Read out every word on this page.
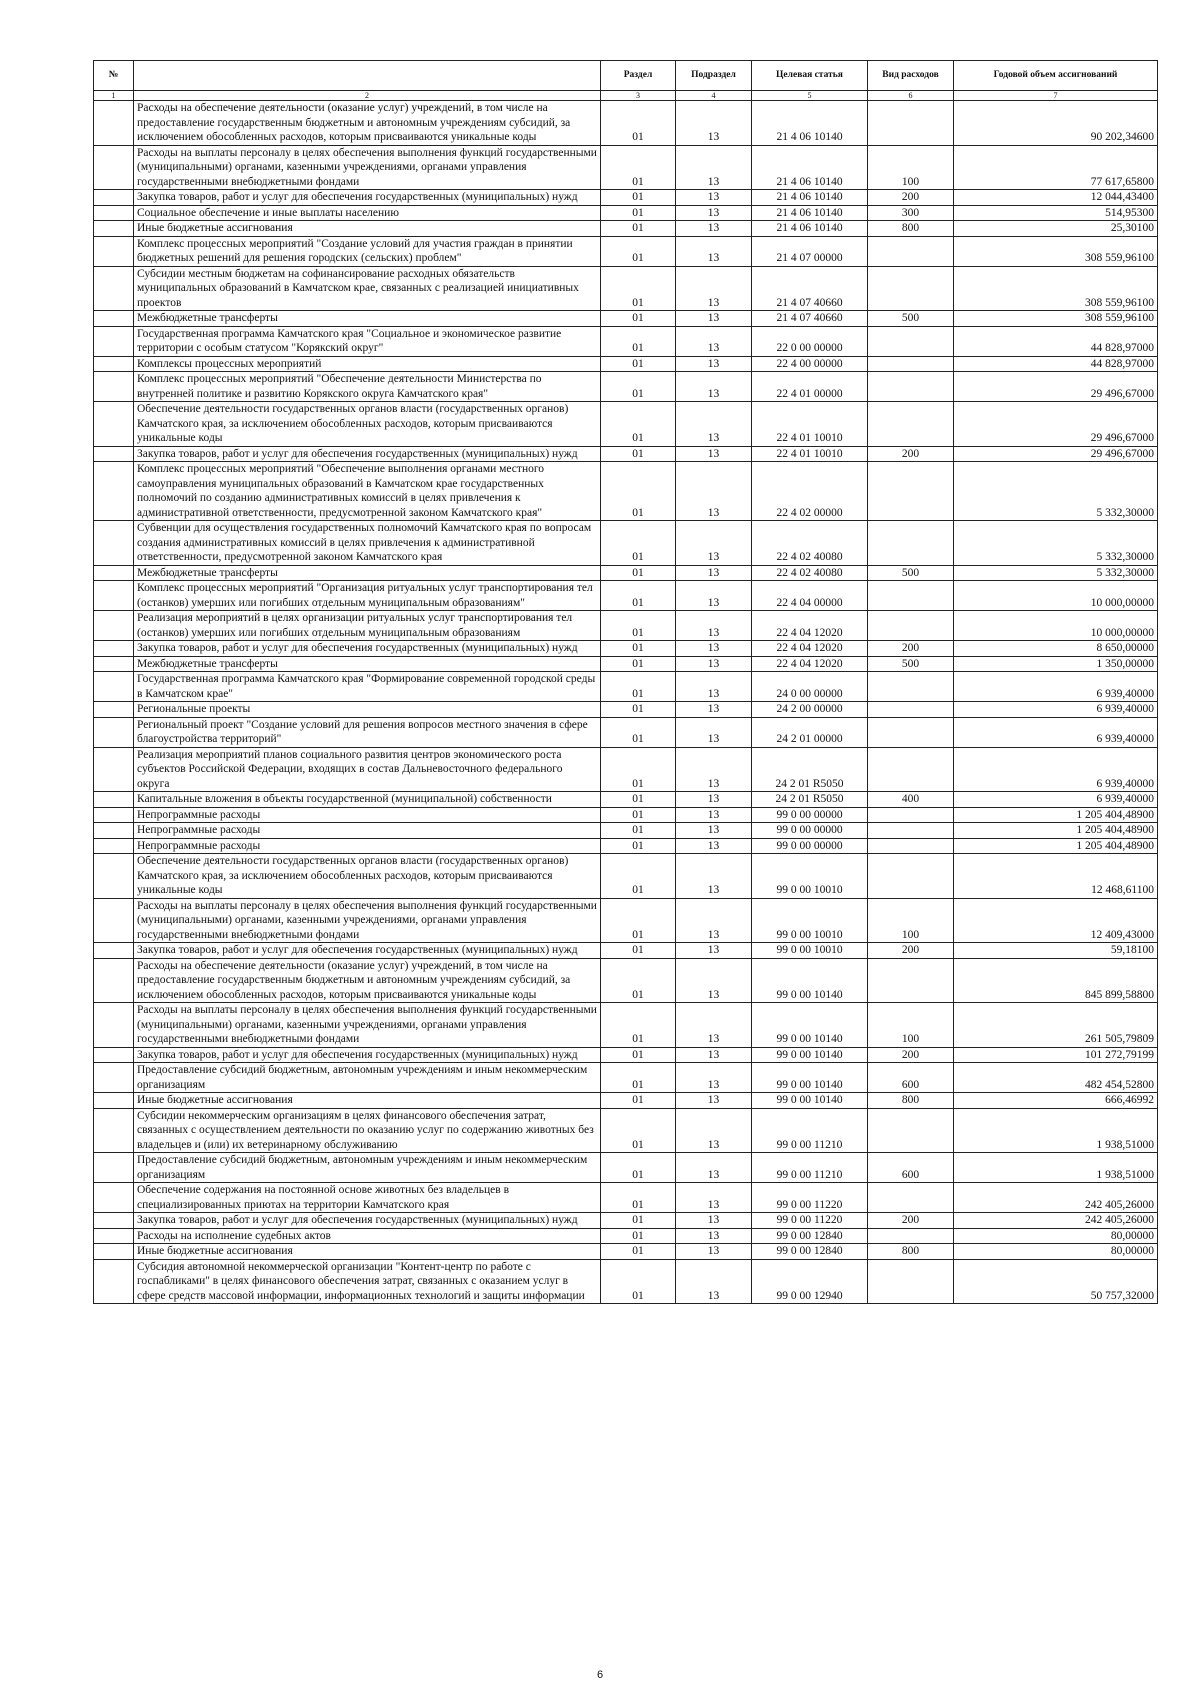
№		Раздел	Подраздел	Целевая статья	Вид расходов	Годовой объем ассигнований
1	2	3	4	5	6	7
	Расходы на обеспечение деятельности (оказание услуг) учреждений, в том числе на предоставление государственным бюджетным и автономным учреждениям субсидий, за исключением обособленных расходов, которым присваиваются уникальные коды	01	13	21 4 06 10140		90 202,34600
	Расходы на выплаты персоналу в целях обеспечения выполнения функций государственными (муниципальными) органами, казенными учреждениями, органами управления государственными внебюджетными фондами	01	13	21 4 06 10140	100	77 617,65800
	Закупка товаров, работ и услуг для обеспечения государственных (муниципальных) нужд	01	13	21 4 06 10140	200	12 044,43400
	Социальное обеспечение и иные выплаты населению	01	13	21 4 06 10140	300	514,95300
	Иные бюджетные ассигнования	01	13	21 4 06 10140	800	25,30100
	Комплекс процессных мероприятий "Создание условий для участия граждан в принятии бюджетных решений для решения городских (сельских) проблем"	01	13	21 4 07 00000		308 559,96100
	Субсидии местным бюджетам на софинансирование расходных обязательств муниципальных образований в Камчатском крае, связанных с реализацией инициативных проектов	01	13	21 4 07 40660		308 559,96100
	Межбюджетные трансферты	01	13	21 4 07 40660	500	308 559,96100
	Государственная программа Камчатского края "Социальное и экономическое развитие территории с особым статусом "Корякский округ"	01	13	22 0 00 00000		44 828,97000
	Комплексы процессных мероприятий	01	13	22 4 00 00000		44 828,97000
	Комплекс процессных мероприятий "Обеспечение деятельности Министерства по внутренней политике и развитию Корякского округа Камчатского края"	01	13	22 4 01 00000		29 496,67000
	Обеспечение деятельности государственных органов власти (государственных органов) Камчатского края, за исключением обособленных расходов, которым присваиваются уникальные коды	01	13	22 4 01 10010		29 496,67000
	Закупка товаров, работ и услуг для обеспечения государственных (муниципальных) нужд	01	13	22 4 01 10010	200	29 496,67000
	Комплекс процессных мероприятий "Обеспечение выполнения органами местного самоуправления муниципальных образований в Камчатском крае государственных полномочий по созданию административных комиссий в целях привлечения к административной ответственности, предусмотренной законом Камчатского края"	01	13	22 4 02 00000		5 332,30000
	Субвенции для осуществления государственных полномочий Камчатского края по вопросам создания административных комиссий в целях привлечения к административной ответственности, предусмотренной законом Камчатского края	01	13	22 4 02 40080		5 332,30000
	Межбюджетные трансферты	01	13	22 4 02 40080	500	5 332,30000
	Комплекс процессных мероприятий "Организация ритуальных услуг транспортирования тел (останков) умерших или погибших отдельным муниципальным образованиям"	01	13	22 4 04 00000		10 000,00000
	Реализация мероприятий в целях организации ритуальных услуг транспортирования тел (останков) умерших или погибших отдельным муниципальным образованиям	01	13	22 4 04 12020		10 000,00000
	Закупка товаров, работ и услуг для обеспечения государственных (муниципальных) нужд	01	13	22 4 04 12020	200	8 650,00000
	Межбюджетные трансферты	01	13	22 4 04 12020	500	1 350,00000
	Государственная программа Камчатского края "Формирование современной городской среды в Камчатском крае"	01	13	24 0 00 00000		6 939,40000
	Региональные проекты	01	13	24 2 00 00000		6 939,40000
	Региональный проект "Создание условий для решения вопросов местного значения в сфере благоустройства территорий"	01	13	24 2 01 00000		6 939,40000
	Реализация мероприятий планов социального развития центров экономического роста субъектов Российской Федерации, входящих в состав Дальневосточного федерального округа	01	13	24 2 01 R5050		6 939,40000
	Капитальные вложения в объекты государственной (муниципальной) собственности	01	13	24 2 01 R5050	400	6 939,40000
	Непрограммные расходы	01	13	99 0 00 00000		1 205 404,48900
	Непрограммные расходы	01	13	99 0 00 00000		1 205 404,48900
	Непрограммные расходы	01	13	99 0 00 00000		1 205 404,48900
	Обеспечение деятельности государственных органов власти (государственных органов) Камчатского края, за исключением обособленных расходов, которым присваиваются уникальные коды	01	13	99 0 00 10010		12 468,61100
	Расходы на выплаты персоналу в целях обеспечения выполнения функций государственными (муниципальными) органами, казенными учреждениями, органами управления государственными внебюджетными фондами	01	13	99 0 00 10010	100	12 409,43000
	Закупка товаров, работ и услуг для обеспечения государственных (муниципальных) нужд	01	13	99 0 00 10010	200	59,18100
	Расходы на обеспечение деятельности (оказание услуг) учреждений, в том числе на предоставление государственным бюджетным и автономным учреждениям субсидий, за исключением обособленных расходов, которым присваиваются уникальные коды	01	13	99 0 00 10140		845 899,58800
	Расходы на выплаты персоналу в целях обеспечения выполнения функций государственными (муниципальными) органами, казенными учреждениями, органами управления государственными внебюджетными фондами	01	13	99 0 00 10140	100	261 505,79809
	Закупка товаров, работ и услуг для обеспечения государственных (муниципальных) нужд	01	13	99 0 00 10140	200	101 272,79199
	Предоставление субсидий бюджетным, автономным учреждениям и иным некоммерческим организациям	01	13	99 0 00 10140	600	482 454,52800
	Иные бюджетные ассигнования	01	13	99 0 00 10140	800	666,46992
	Субсидии некоммерческим организациям в целях финансового обеспечения затрат, связанных с осуществлением деятельности по оказанию услуг по содержанию животных без владельцев и (или) их ветеринарному обслуживанию	01	13	99 0 00 11210		1 938,51000
	Предоставление субсидий бюджетным, автономным учреждениям и иным некоммерческим организациям	01	13	99 0 00 11210	600	1 938,51000
	Обеспечение содержания на постоянной основе животных без владельцев в специализированных приютах на территории Камчатского края	01	13	99 0 00 11220		242 405,26000
	Закупка товаров, работ и услуг для обеспечения государственных (муниципальных) нужд	01	13	99 0 00 11220	200	242 405,26000
	Расходы на исполнение судебных актов	01	13	99 0 00 12840		80,00000
	Иные бюджетные ассигнования	01	13	99 0 00 12840	800	80,00000
	Субсидия автономной некоммерческой организации "Контент-центр по работе с госпабликами" в целях финансового обеспечения затрат, связанных с оказанием услуг в сфере средств массовой информации, информационных технологий и защиты информации	01	13	99 0 00 12940		50 757,32000
6
